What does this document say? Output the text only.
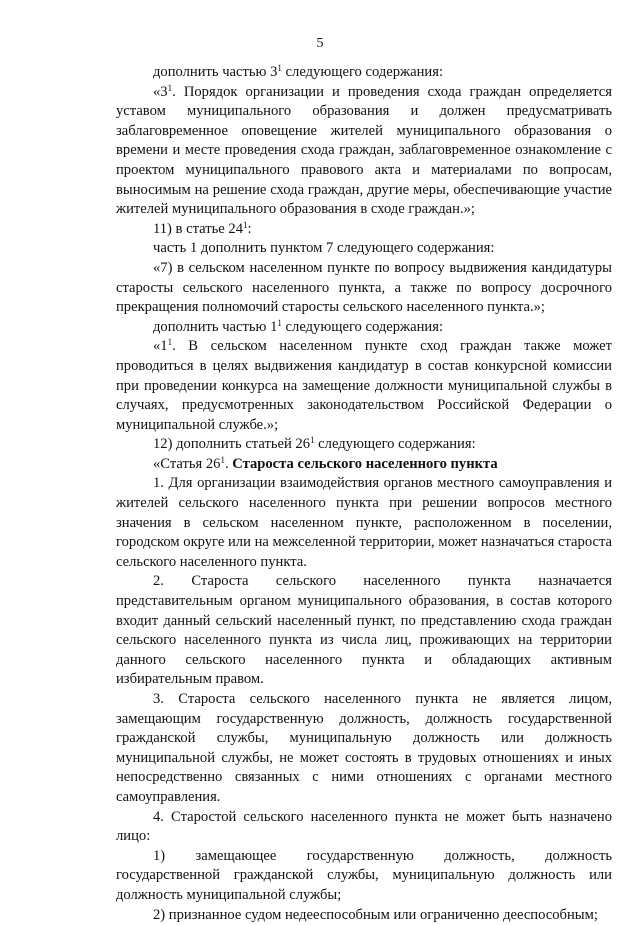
5

дополнить частью $3^1$ следующего содержания:

«$3^1$. Порядок организации и проведения схода граждан определяется уставом муниципального образования и должен предусматривать заблаговременное оповещение жителей муниципального образования о времени и месте проведения схода граждан, заблаговременное ознакомление с проектом муниципального правового акта и материалами по вопросам, выносимым на решение схода граждан, другие меры, обеспечивающие участие жителей муниципального образования в сходе граждан.»;

11) в статье $24^1$:

часть 1 дополнить пунктом 7 следующего содержания:

«7) в сельском населенном пункте по вопросу выдвижения кандидатуры старосты сельского населенного пункта, а также по вопросу досрочного прекращения полномочий старосты сельского населенного пункта.»;

дополнить частью $1^1$ следующего содержания:

«$1^1$. В сельском населенном пункте сход граждан также может проводиться в целях выдвижения кандидатур в состав конкурсной комиссии при проведении конкурса на замещение должности муниципальной службы в случаях, предусмотренных законодательством Российской Федерации о муниципальной службе.»;

12) дополнить статьей $26^1$ следующего содержания:

«Статья $26^1$. Староста сельского населенного пункта

1. Для организации взаимодействия органов местного самоуправления и жителей сельского населенного пункта при решении вопросов местного значения в сельском населенном пункте, расположенном в поселении, городском округе или на межселенной территории, может назначаться староста сельского населенного пункта.

2. Староста сельского населенного пункта назначается представительным органом муниципального образования, в состав которого входит данный сельский населенный пункт, по представлению схода граждан сельского населенного пункта из числа лиц, проживающих на территории данного сельского населенного пункта и обладающих активным избирательным правом.

3. Староста сельского населенного пункта не является лицом, замещающим государственную должность, должность государственной гражданской службы, муниципальную должность или должность муниципальной службы, не может состоять в трудовых отношениях и иных непосредственно связанных с ними отношениях с органами местного самоуправления.

4. Старостой сельского населенного пункта не может быть назначено лицо:

1) замещающее государственную должность, должность государственной гражданской службы, муниципальную должность или должность муниципальной службы;

2) признанное судом недееспособным или ограниченно дееспособным;
